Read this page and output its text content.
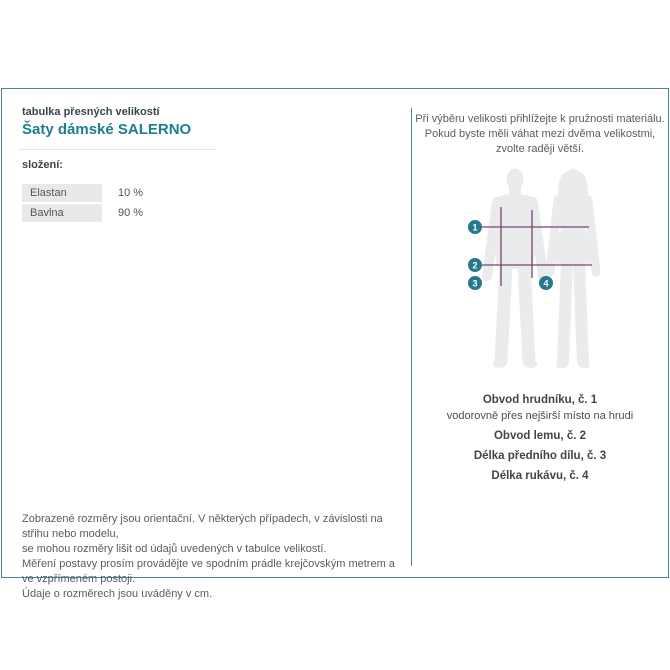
tabulka přesných velikostí
Šaty dámské SALERNO
složení:
Elastan	10 %
Bavlna	90 %
Zobrazené rozměry jsou orientační. V některých případech, v závislosti na střihu nebo modelu,
se mohou rozměry lišit od údajů uvedených v tabulce velikostí.
Měření postavy prosím provádějte ve spodním prádle krejčovským metrem a ve vzpřímeném postoji.
Údaje o rozměrech jsou uváděny v cm.
Při výběru velikosti přihlížejte k pružnosti materiálu.
Pokud byste měli váhat mezi dvěma velikostmi,
zvolte raději větší.
1
2
3	4
Obvod hrudníku, č. 1
vodorovně přes nejširší místo na hrudi
Obvod lemu, č. 2
Délka předního dílu, č. 3
Délka rukávu, č. 4
